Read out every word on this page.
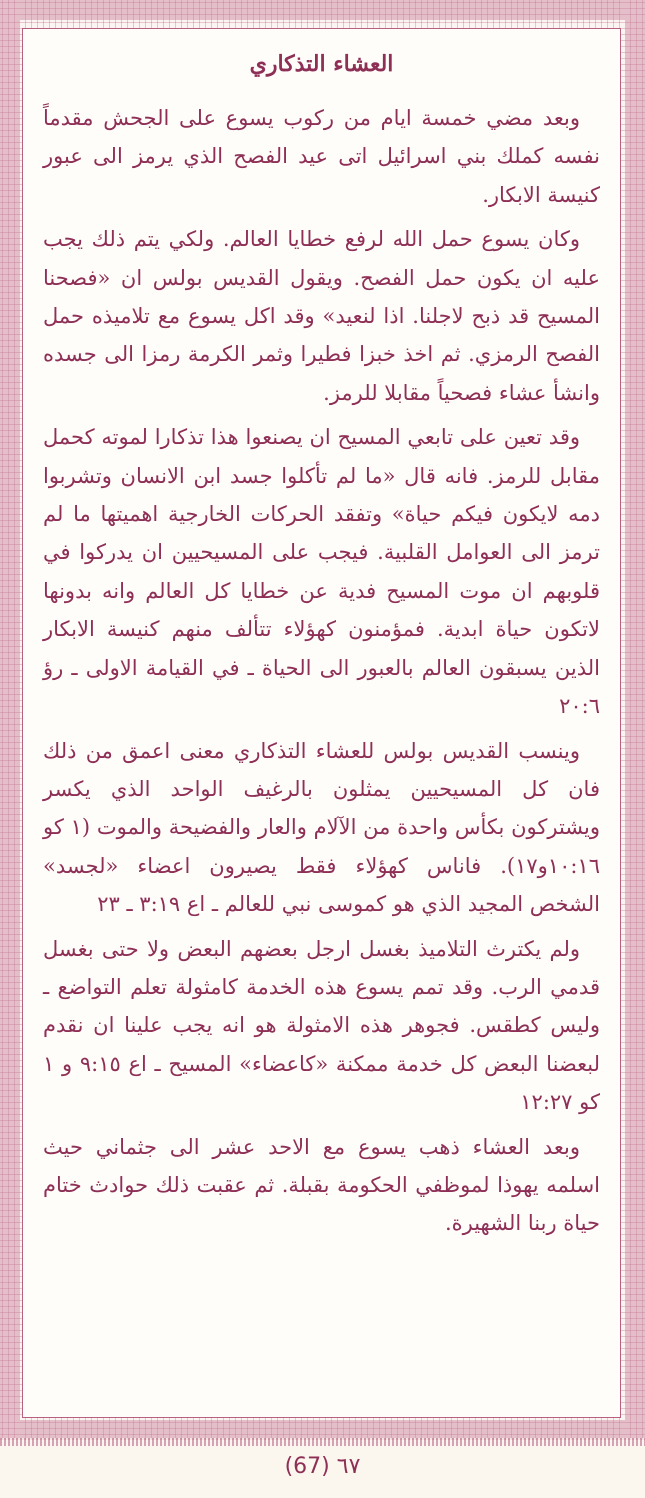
العشاء التذكاري

وبعد مضي خمسة ايام من ركوب يسوع على الجحش مقدماً نفسه كملك بني اسرائيل اتى عيد الفصح الذي يرمز الى عبور كنيسة الابكار.

وكان يسوع حمل الله لرفع خطايا العالم. ولكي يتم ذلك يجب عليه ان يكون حمل الفصح. ويقول القديس بولس ان «فصحنا المسيح قد ذبح لاجلنا. اذا لنعيد» وقد اكل يسوع مع تلاميذه حمل الفصح الرمزي. ثم اخذ خبزا فطيرا وثمر الكرمة رمزا الى جسده وانشأ عشاء فصحياً مقابلا للرمز.

وقد تعين على تابعي المسيح ان يصنعوا هذا تذكارا لموته كحمل مقابل للرمز. فانه قال «ما لم تأكلوا جسد ابن الانسان وتشربوا دمه لايكون فيكم حياة» وتفقد الحركات الخارجية اهميتها ما لم ترمز الى العوامل القلبية. فيجب على المسيحيين ان يدركوا في قلوبهم ان موت المسيح فدية عن خطايا كل العالم وانه بدونها لاتكون حياة ابدية. فمؤمنون كهؤلاء تتألف منهم كنيسة الابكار الذين يسبقون العالم بالعبور الى الحياة ـ في القيامة الاولى ـ رؤ ٢٠:٦

وينسب القديس بولس للعشاء التذكاري معنى اعمق من ذلك فان كل المسيحيين يمثلون بالرغيف الواحد الذي يكسر ويشتركون بكأس واحدة من الآلام والعار والفضيحة والموت (١ كو ١٠:١٦و١٧). فاناس كهؤلاء فقط يصيرون اعضاء «لجسد» الشخص المجيد الذي هو كموسى نبي للعالم ـ اع ٣:١٩ ـ ٢٣

ولم يكترث التلاميذ بغسل ارجل بعضهم البعض ولا حتى بغسل قدمي الرب. وقد تمم يسوع هذه الخدمة كامثولة تعلم التواضع ـ وليس كطقس. فجوهر هذه الامثولة هو انه يجب علينا ان نقدم لبعضنا البعض كل خدمة ممكنة «كاعضاء» المسيح ـ اع ٩:١٥ و ١ كو ١٢:٢٧

وبعد العشاء ذهب يسوع مع الاحد عشر الى جثماني حيث اسلمه يهوذا لموظفي الحكومة بقبلة. ثم عقبت ذلك حوادث ختام حياة ربنا الشهيرة.

(67) ٦٧
